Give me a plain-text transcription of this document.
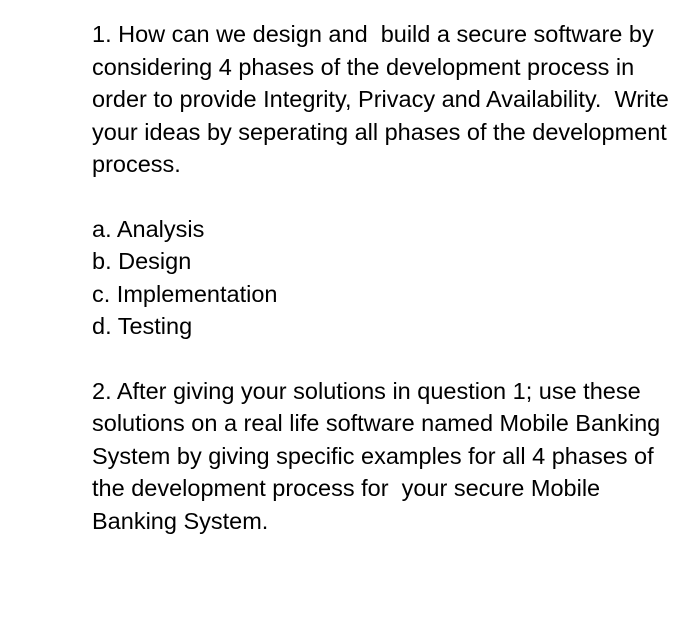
1. How can we design and  build a secure software by considering 4 phases of the development process in order to provide Integrity, Privacy and Availability.  Write your ideas by seperating all phases of the development process.

a. Analysis
b. Design
c. Implementation
d. Testing

2. After giving your solutions in question 1; use these solutions on a real life software named Mobile Banking System by giving specific examples for all 4 phases of the development process for  your secure Mobile Banking System.
